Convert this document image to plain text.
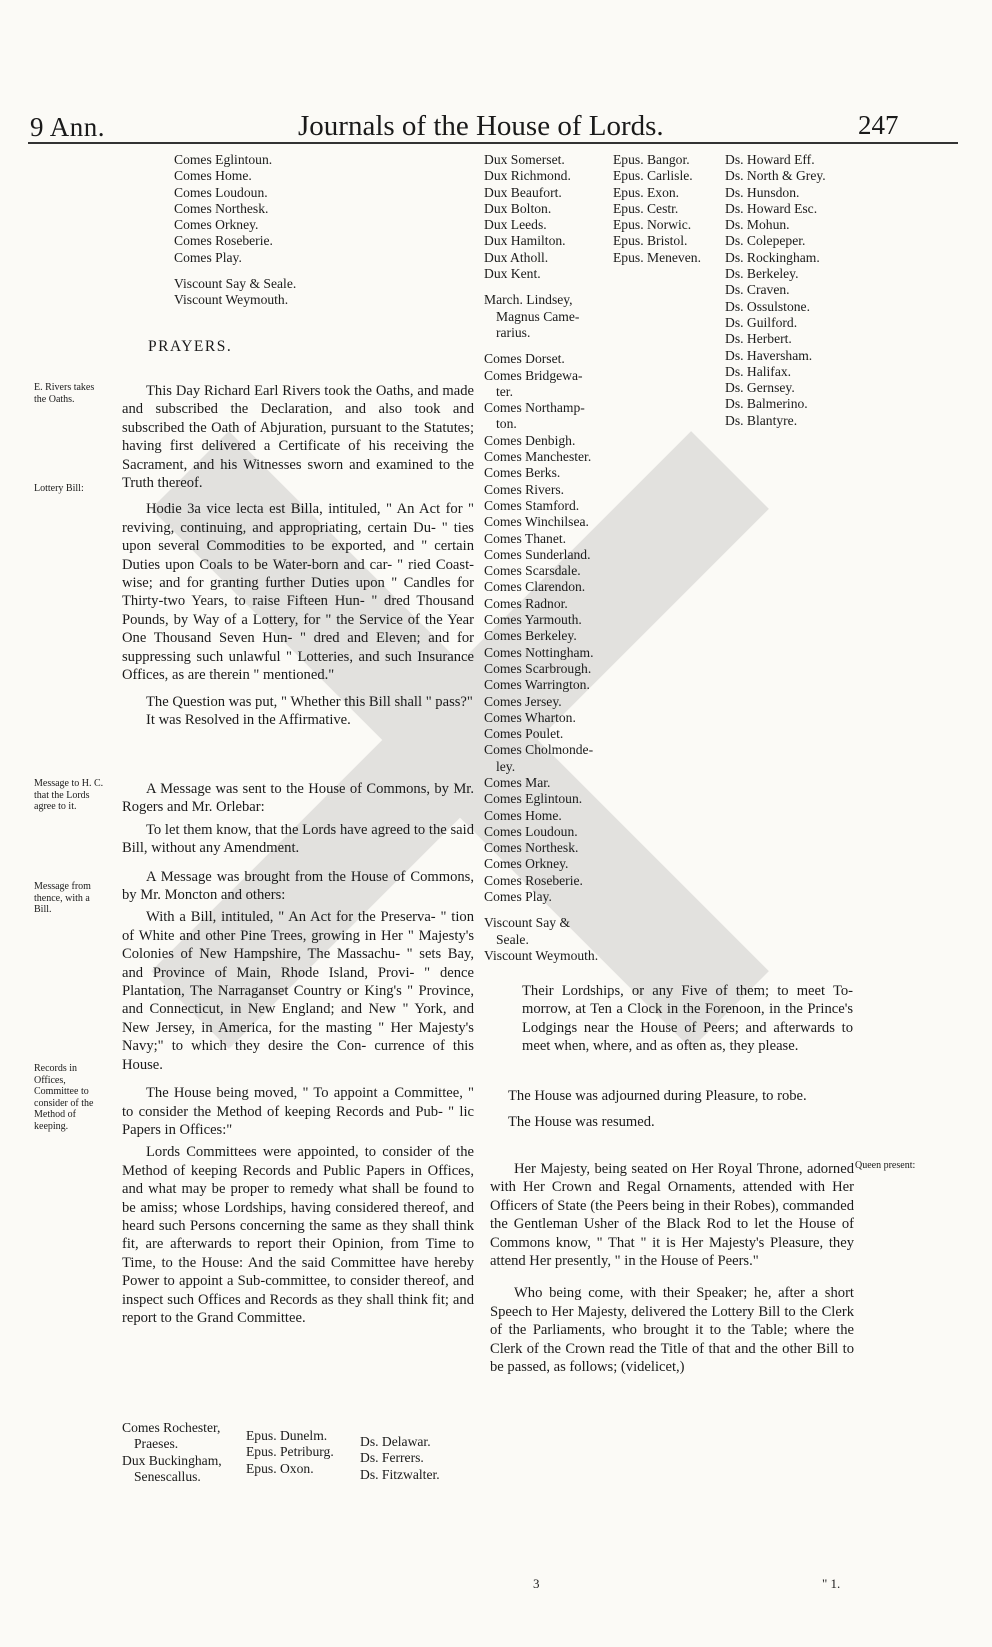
9 Ann.	Journals of the House of Lords.	247
Comes Eglintoun.
Comes Home.
Comes Loudoun.
Comes Northesk.
Comes Orkney.
Comes Roseberie.
Comes Play.
Viscount Say & Seale.
Viscount Weymouth.
PRAYERS.
E. Rivers takes the Oaths.
Lottery Bill:
Message to H. C. that the Lords agree to it.
Message from thence, with a Bill.
Records in Offices, Committee to consider of the Method of keeping.
Queen present:

This Day Richard Earl Rivers took the Oaths, and made and subscribed the Declaration, and also took and subscribed the Oath of Abjuration, pursuant to the Statutes; having first delivered a Certificate of his receiving the Sacrament, and his Witnesses sworn and examined to the Truth thereof.

Hodie 3a vice lecta est Billa, intituled, " An Act for " reviving, continuing, and appropriating, certain Du- " ties upon several Commodities to be exported, and " certain Duties upon Coals to be Water-born and car- " ried Coast-wise; and for granting further Duties upon " Candles for Thirty-two Years, to raise Fifteen Hun- " dred Thousand Pounds, by Way of a Lottery, for " the Service of the Year One Thousand Seven Hun- " dred and Eleven; and for suppressing such unlawful " Lotteries, and such Insurance Offices, as are therein " mentioned."

The Question was put, " Whether this Bill shall " pass?"

It was Resolved in the Affirmative.

A Message was sent to the House of Commons, by Mr. Rogers and Mr. Orlebar:

To let them know, that the Lords have agreed to the said Bill, without any Amendment.

A Message was brought from the House of Commons, by Mr. Moncton and others:

With a Bill, intituled, " An Act for the Preserva- " tion of White and other Pine Trees, growing in Her " Majesty's Colonies of New Hampshire, The Massachu- " sets Bay, and Province of Main, Rhode Island, Provi- " dence Plantation, The Narraganset Country or King's " Province, and Connecticut, in New England; and New " York, and New Jersey, in America, for the masting " Her Majesty's Navy;" to which they desire the Con- currence of this House.

The House being moved, " To appoint a Committee, " to consider the Method of keeping Records and Pub- " lic Papers in Offices:"

Lords Committees were appointed, to consider of the Method of keeping Records and Public Papers in Offices, and what may be proper to remedy what shall be found to be amiss; whose Lordships, having considered thereof, and heard such Persons concerning the same as they shall think fit, are afterwards to report their Opinion, from Time to Time, to the House: And the said Committee have hereby Power to appoint a Sub-committee, to consider thereof, and inspect such Offices and Records as they shall think fit; and report to the Grand Committee.

Comes Rochester,
Praeses.
Dux Buckingham,
Senescallus.
Epus. Dunelm.
Epus. Petriburg.
Epus. Oxon.
Ds. Delawar.
Ds. Ferrers.
Ds. Fitzwalter.
Dux Somerset.
Dux Richmond.
Dux Beaufort.
Dux Bolton.
Dux Leeds.
Dux Hamilton.
Dux Atholl.
Dux Kent.
March. Lindsey,
Magnus Came-
rarius.
Comes Dorset.
Comes Bridgewa-
ter.
Comes Northamp-
ton.
Comes Denbigh.
Comes Manchester.
Comes Berks.
Comes Rivers.
Comes Stamford.
Comes Winchilsea.
Comes Thanet.
Comes Sunderland.
Comes Scarsdale.
Comes Clarendon.
Comes Radnor.
Comes Yarmouth.
Comes Berkeley.
Comes Nottingham.
Comes Scarbrough.
Comes Warrington.
Comes Jersey.
Comes Wharton.
Comes Poulet.
Comes Cholmonde-
ley.
Comes Mar.
Comes Eglintoun.
Comes Home.
Comes Loudoun.
Comes Northesk.
Comes Orkney.
Comes Roseberie.
Comes Play.
Viscount Say &
Seale.
Viscount Weymouth.
Epus. Bangor.
Epus. Carlisle.
Epus. Exon.
Epus. Cestr.
Epus. Norwic.
Epus. Bristol.
Epus. Meneven.
Ds. Howard Eff.
Ds. North & Grey.
Ds. Hunsdon.
Ds. Howard Esc.
Ds. Mohun.
Ds. Colepeper.
Ds. Rockingham.
Ds. Berkeley.
Ds. Craven.
Ds. Ossulstone.
Ds. Guilford.
Ds. Herbert.
Ds. Haversham.
Ds. Halifax.
Ds. Gernsey.
Ds. Balmerino.
Ds. Blantyre.

Their Lordships, or any Five of them; to meet To-morrow, at Ten a Clock in the Forenoon, in the Prince's Lodgings near the House of Peers; and afterwards to meet when, where, and as often as, they please.

The House was adjourned during Pleasure, to robe.

The House was resumed.

Her Majesty, being seated on Her Royal Throne, adorned with Her Crown and Regal Ornaments, attended with Her Officers of State (the Peers being in their Robes), commanded the Gentleman Usher of the Black Rod to let the House of Commons know, " That " it is Her Majesty's Pleasure, they attend Her presently, " in the House of Peers."

Who being come, with their Speaker; he, after a short Speech to Her Majesty, delivered the Lottery Bill to the Clerk of the Parliaments, who brought it to the Table; where the Clerk of the Crown read the Title of that and the other Bill to be passed, as follows; (videlicet,)

3	" 1.
